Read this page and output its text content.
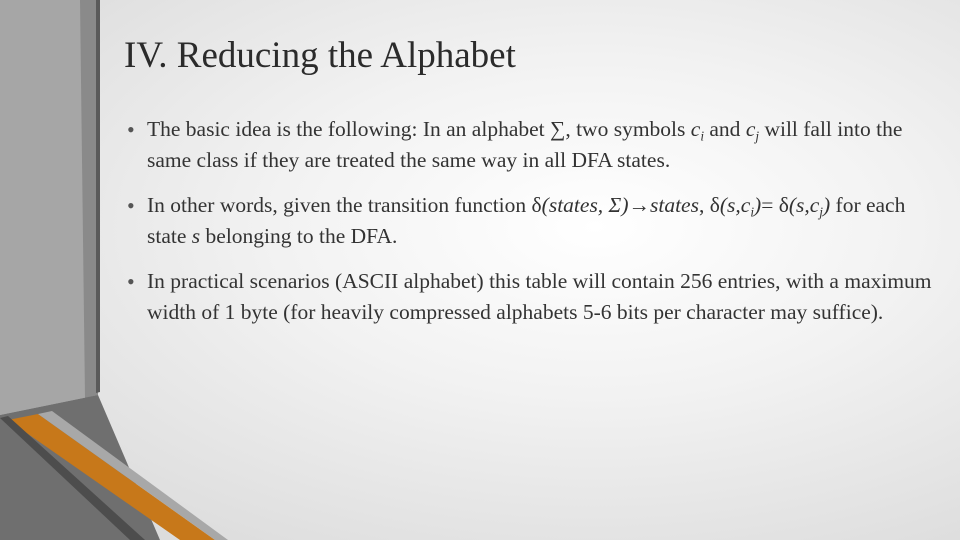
IV. Reducing the Alphabet
• The basic idea is the following: In an alphabet ∑, two symbols $c_i$ and $c_j$ will fall into the same class if they are treated the same way in all DFA states.
• In other words, given the transition function δ(states, Σ)→states, $\delta(s,c_i)= \delta(s,c_j)$ for each state s belonging to the DFA.
• In practical scenarios (ASCII alphabet) this table will contain 256 entries, with a maximum width of 1 byte (for heavily compressed alphabets 5-6 bits per character may suffice).
